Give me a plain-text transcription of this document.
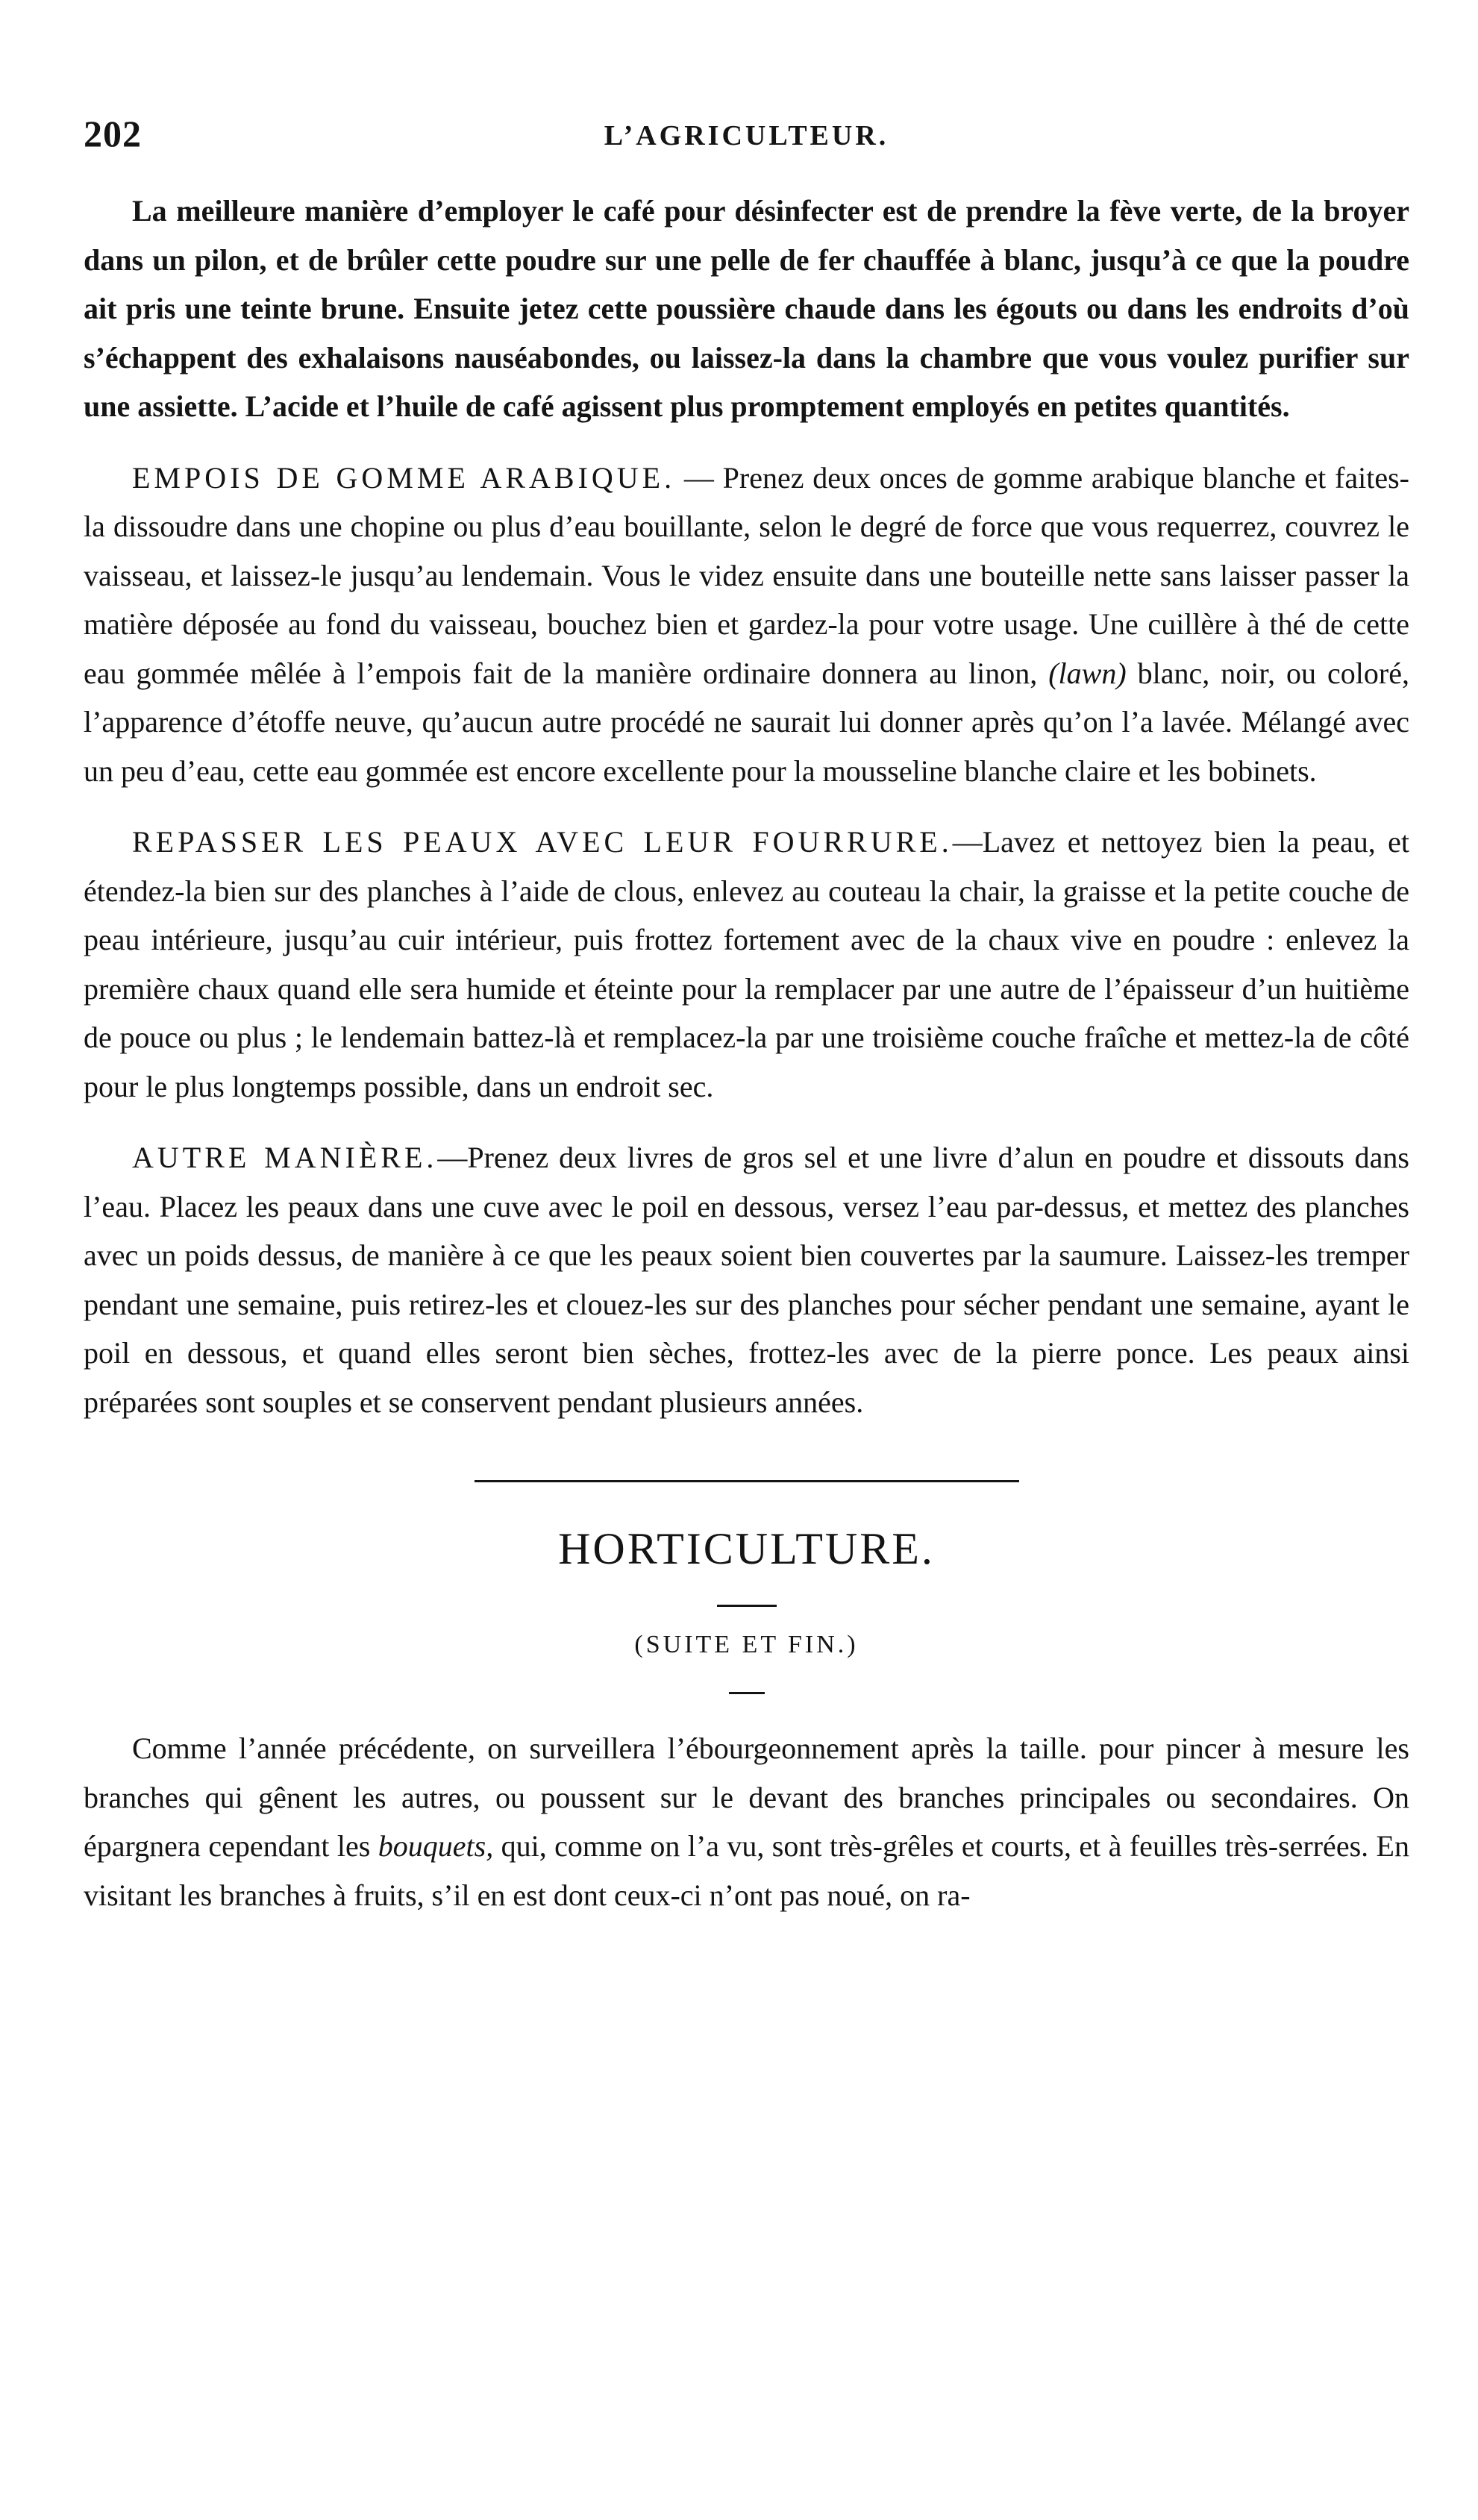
202	L’AGRICULTEUR.

La meilleure manière d’employer le café pour désinfecter est de prendre la fève verte, de la broyer dans un pilon, et de brûler cette poudre sur une pelle de fer chauffée à blanc, jusqu’à ce que la poudre ait pris une teinte brune. Ensuite jetez cette poussière chaude dans les égouts ou dans les endroits d’où s’échappent des exhalaisons nauséabondes, ou laissez-la dans la chambre que vous voulez purifier sur une assiette. L’acide et l’huile de café agissent plus promptement employés en petites quantités.

EMPOIS DE GOMME ARABIQUE. — Prenez deux onces de gomme arabique blanche et faites-la dissoudre dans une chopine ou plus d’eau bouillante, selon le degré de force que vous requerrez, couvrez le vaisseau, et laissez-le jusqu’au lendemain. Vous le videz ensuite dans une bouteille nette sans laisser passer la matière déposée au fond du vaisseau, bouchez bien et gardez-la pour votre usage. Une cuillère à thé de cette eau gommée mêlée à l’empois fait de la manière ordinaire donnera au linon, (lawn) blanc, noir, ou coloré, l’apparence d’étoffe neuve, qu’aucun autre procédé ne saurait lui donner après qu’on l’a lavée. Mélangé avec un peu d’eau, cette eau gommée est encore excellente pour la mousseline blanche claire et les bobinets.

REPASSER LES PEAUX AVEC LEUR FOURRURE.—Lavez et nettoyez bien la peau, et étendez-la bien sur des planches à l’aide de clous, enlevez au couteau la chair, la graisse et la petite couche de peau intérieure, jusqu’au cuir intérieur, puis frottez fortement avec de la chaux vive en poudre : enlevez la première chaux quand elle sera humide et éteinte pour la remplacer par une autre de l’épaisseur d’un huitième de pouce ou plus ; le lendemain battez-là et remplacez-la par une troisième couche fraîche et mettez-la de côté pour le plus longtemps possible, dans un endroit sec.

AUTRE MANIÈRE.—Prenez deux livres de gros sel et une livre d’alun en poudre et dissouts dans l’eau. Placez les peaux dans une cuve avec le poil en dessous, versez l’eau par-dessus, et mettez des planches avec un poids dessus, de manière à ce que les peaux soient bien couvertes par la saumure. Laissez-les tremper pendant une semaine, puis retirez-les et clouez-les sur des planches pour sécher pendant une semaine, ayant le poil en dessous, et quand elles seront bien sèches, frottez-les avec de la pierre ponce. Les peaux ainsi préparées sont souples et se conservent pendant plusieurs années.

HORTICULTURE.
(SUITE ET FIN.)

Comme l’année précédente, on surveillera l’ébourgeonnement après la taille. pour pincer à mesure les branches qui gênent les autres, ou poussent sur le devant des branches principales ou secondaires. On épargnera cependant les bouquets, qui, comme on l’a vu, sont très-grêles et courts, et à feuilles très-serrées. En visitant les branches à fruits, s’il en est dont ceux-ci n’ont pas noué, on ra-
